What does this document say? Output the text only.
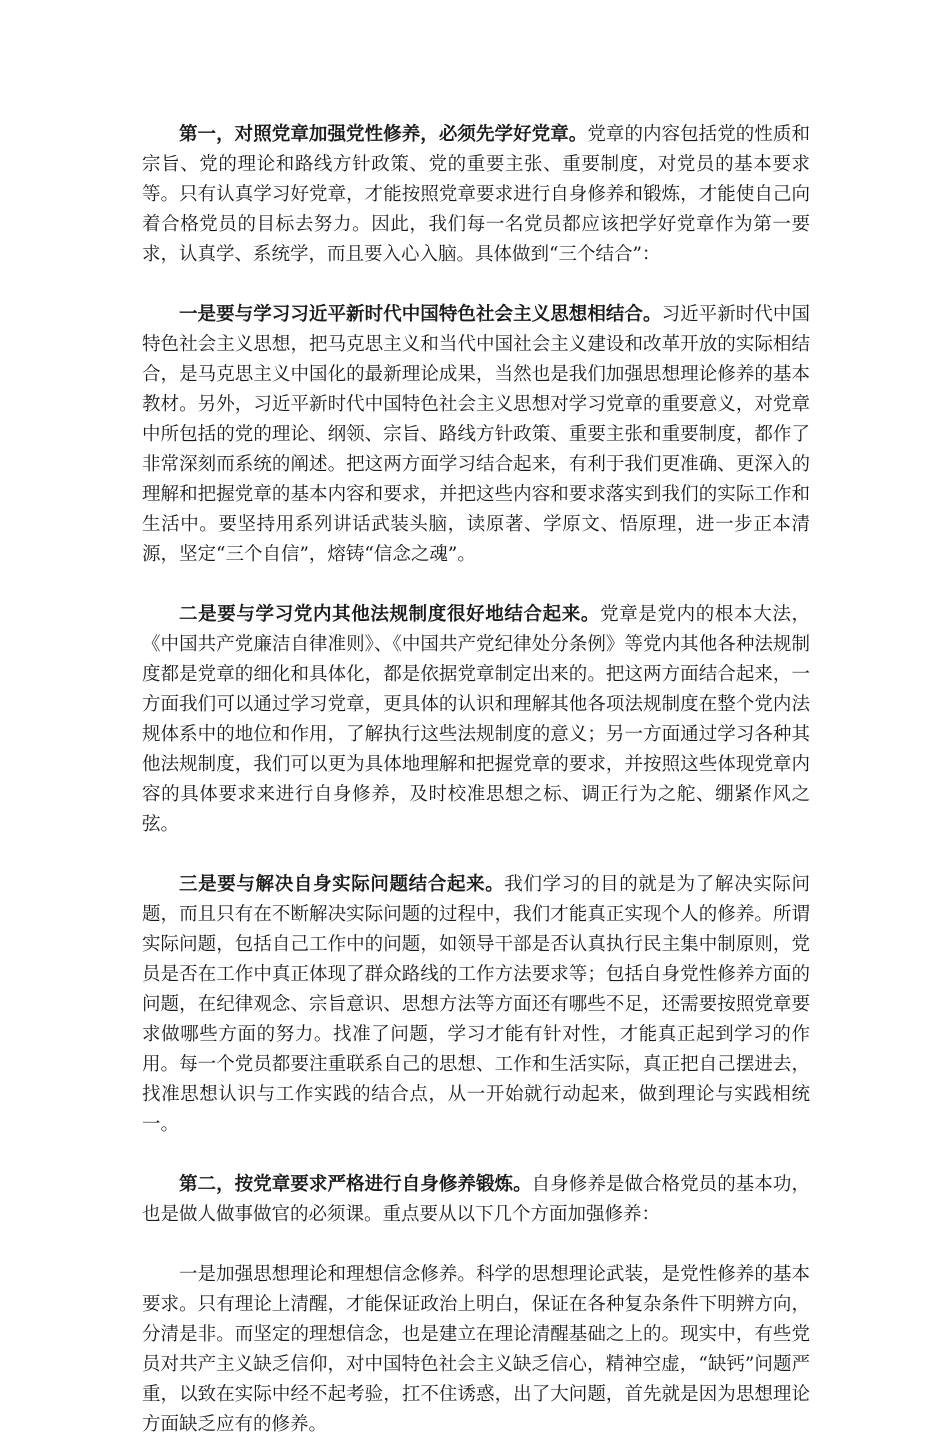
第一，对照党章加强党性修养，必须先学好党章。党章的内容包括党的性质和宗旨、党的理论和路线方针政策、党的重要主张、重要制度，对党员的基本要求等。只有认真学习好党章，才能按照党章要求进行自身修养和锻炼，才能使自己向着合格党员的目标去努力。因此，我们每一名党员都应该把学好党章作为第一要求，认真学、系统学，而且要入心入脑。具体做到“三个结合”：

一是要与学习习近平新时代中国特色社会主义思想相结合。习近平新时代中国特色社会主义思想，把马克思主义和当代中国社会主义建设和改革开放的实际相结合，是马克思主义中国化的最新理论成果，当然也是我们加强思想理论修养的基本教材。另外，习近平新时代中国特色社会主义思想对学习党章的重要意义，对党章中所包括的党的理论、纲领、宗旨、路线方针政策、重要主张和重要制度，都作了非常深刻而系统的阐述。把这两方面学习结合起来，有利于我们更准确、更深入的理解和把握党章的基本内容和要求，并把这些内容和要求落实到我们的实际工作和生活中。要坚持用系列讲话武装头脑，读原著、学原文、悟原理，进一步正本清源，坚定“三个自信”，熔铸“信念之魂”。

二是要与学习党内其他法规制度很好地结合起来。党章是党内的根本大法，《中国共产党廉洁自律准则》、《中国共产党纪律处分条例》等党内其他各种法规制度都是党章的细化和具体化，都是依据党章制定出来的。把这两方面结合起来，一方面我们可以通过学习党章，更具体的认识和理解其他各项法规制度在整个党内法规体系中的地位和作用，了解执行这些法规制度的意义；另一方面通过学习各种其他法规制度，我们可以更为具体地理解和把握党章的要求，并按照这些体现党章内容的具体要求来进行自身修养，及时校准思想之标、调正行为之舵、绷紧作风之弦。

三是要与解决自身实际问题结合起来。我们学习的目的就是为了解决实际问题，而且只有在不断解决实际问题的过程中，我们才能真正实现个人的修养。所谓实际问题，包括自己工作中的问题，如领导干部是否认真执行民主集中制原则，党员是否在工作中真正体现了群众路线的工作方法要求等；包括自身党性修养方面的问题，在纪律观念、宗旨意识、思想方法等方面还有哪些不足，还需要按照党章要求做哪些方面的努力。找准了问题，学习才能有针对性，才能真正起到学习的作用。每一个党员都要注重联系自己的思想、工作和生活实际，真正把自己摆进去，找准思想认识与工作实践的结合点，从一开始就行动起来，做到理论与实践相统一。

第二，按党章要求严格进行自身修养锻炼。自身修养是做合格党员的基本功，也是做人做事做官的必须课。重点要从以下几个方面加强修养：

一是加强思想理论和理想信念修养。科学的思想理论武装，是党性修养的基本要求。只有理论上清醒，才能保证政治上明白，保证在各种复杂条件下明辨方向，分清是非。而坚定的理想信念，也是建立在理论清醒基础之上的。现实中，有些党员对共产主义缺乏信仰，对中国特色社会主义缺乏信心，精神空虚，“缺钙”问题严重，以致在实际中经不起考验，扛不住诱惑，出了大问题，首先就是因为思想理论方面缺乏应有的修养。
